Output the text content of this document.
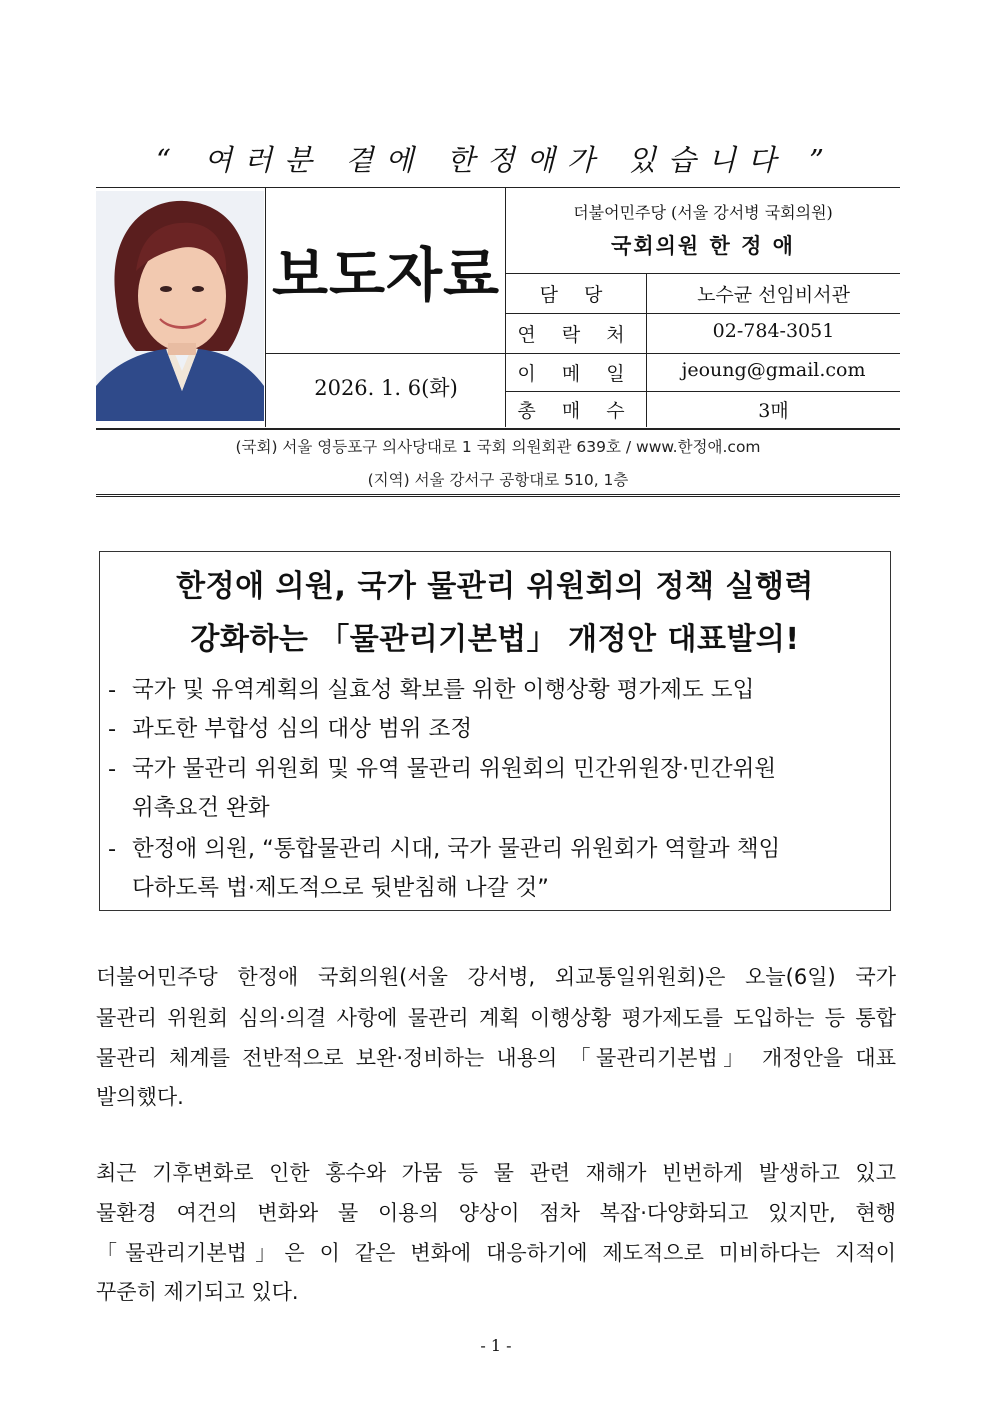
“ 여러분 곁에 한정애가 있습니다 ”
보도자료
2026. 1. 6(화)
더불어민주당 (서울 강서병 국회의원)
국회의원 한 정 애
담 당	노수균 선임비서관
연 락 처	02-784-3051
이 메 일	jeoung@gmail.com
총 매 수	3매
(국회) 서울 영등포구 의사당대로 1 국회 의원회관 639호 / www.한정애.com
(지역) 서울 강서구 공항대로 510, 1층
한정애 의원, 국가 물관리 위원회의 정책 실행력
강화하는 「물관리기본법」 개정안 대표발의!
- 국가 및 유역계획의 실효성 확보를 위한 이행상황 평가제도 도입
- 과도한 부합성 심의 대상 범위 조정
- 국가 물관리 위원회 및 유역 물관리 위원회의 민간위원장·민간위원
위촉요건 완화
- 한정애 의원, “통합물관리 시대, 국가 물관리 위원회가 역할과 책임
다하도록 법·제도적으로 뒷받침해 나갈 것”
더불어민주당 한정애 국회의원(서울 강서병, 외교통일위원회)은 오늘(6일) 국가
물관리 위원회 심의·의결 사항에 물관리 계획 이행상황 평가제도를 도입하는 등 통합
물관리 체계를 전반적으로 보완·정비하는 내용의 「물관리기본법」 개정안을 대표
발의했다.
최근 기후변화로 인한 홍수와 가뭄 등 물 관련 재해가 빈번하게 발생하고 있고
물환경 여건의 변화와 물 이용의 양상이 점차 복잡·다양화되고 있지만, 현행
「물관리기본법」은 이 같은 변화에 대응하기에 제도적으로 미비하다는 지적이
꾸준히 제기되고 있다.
- 1 -
